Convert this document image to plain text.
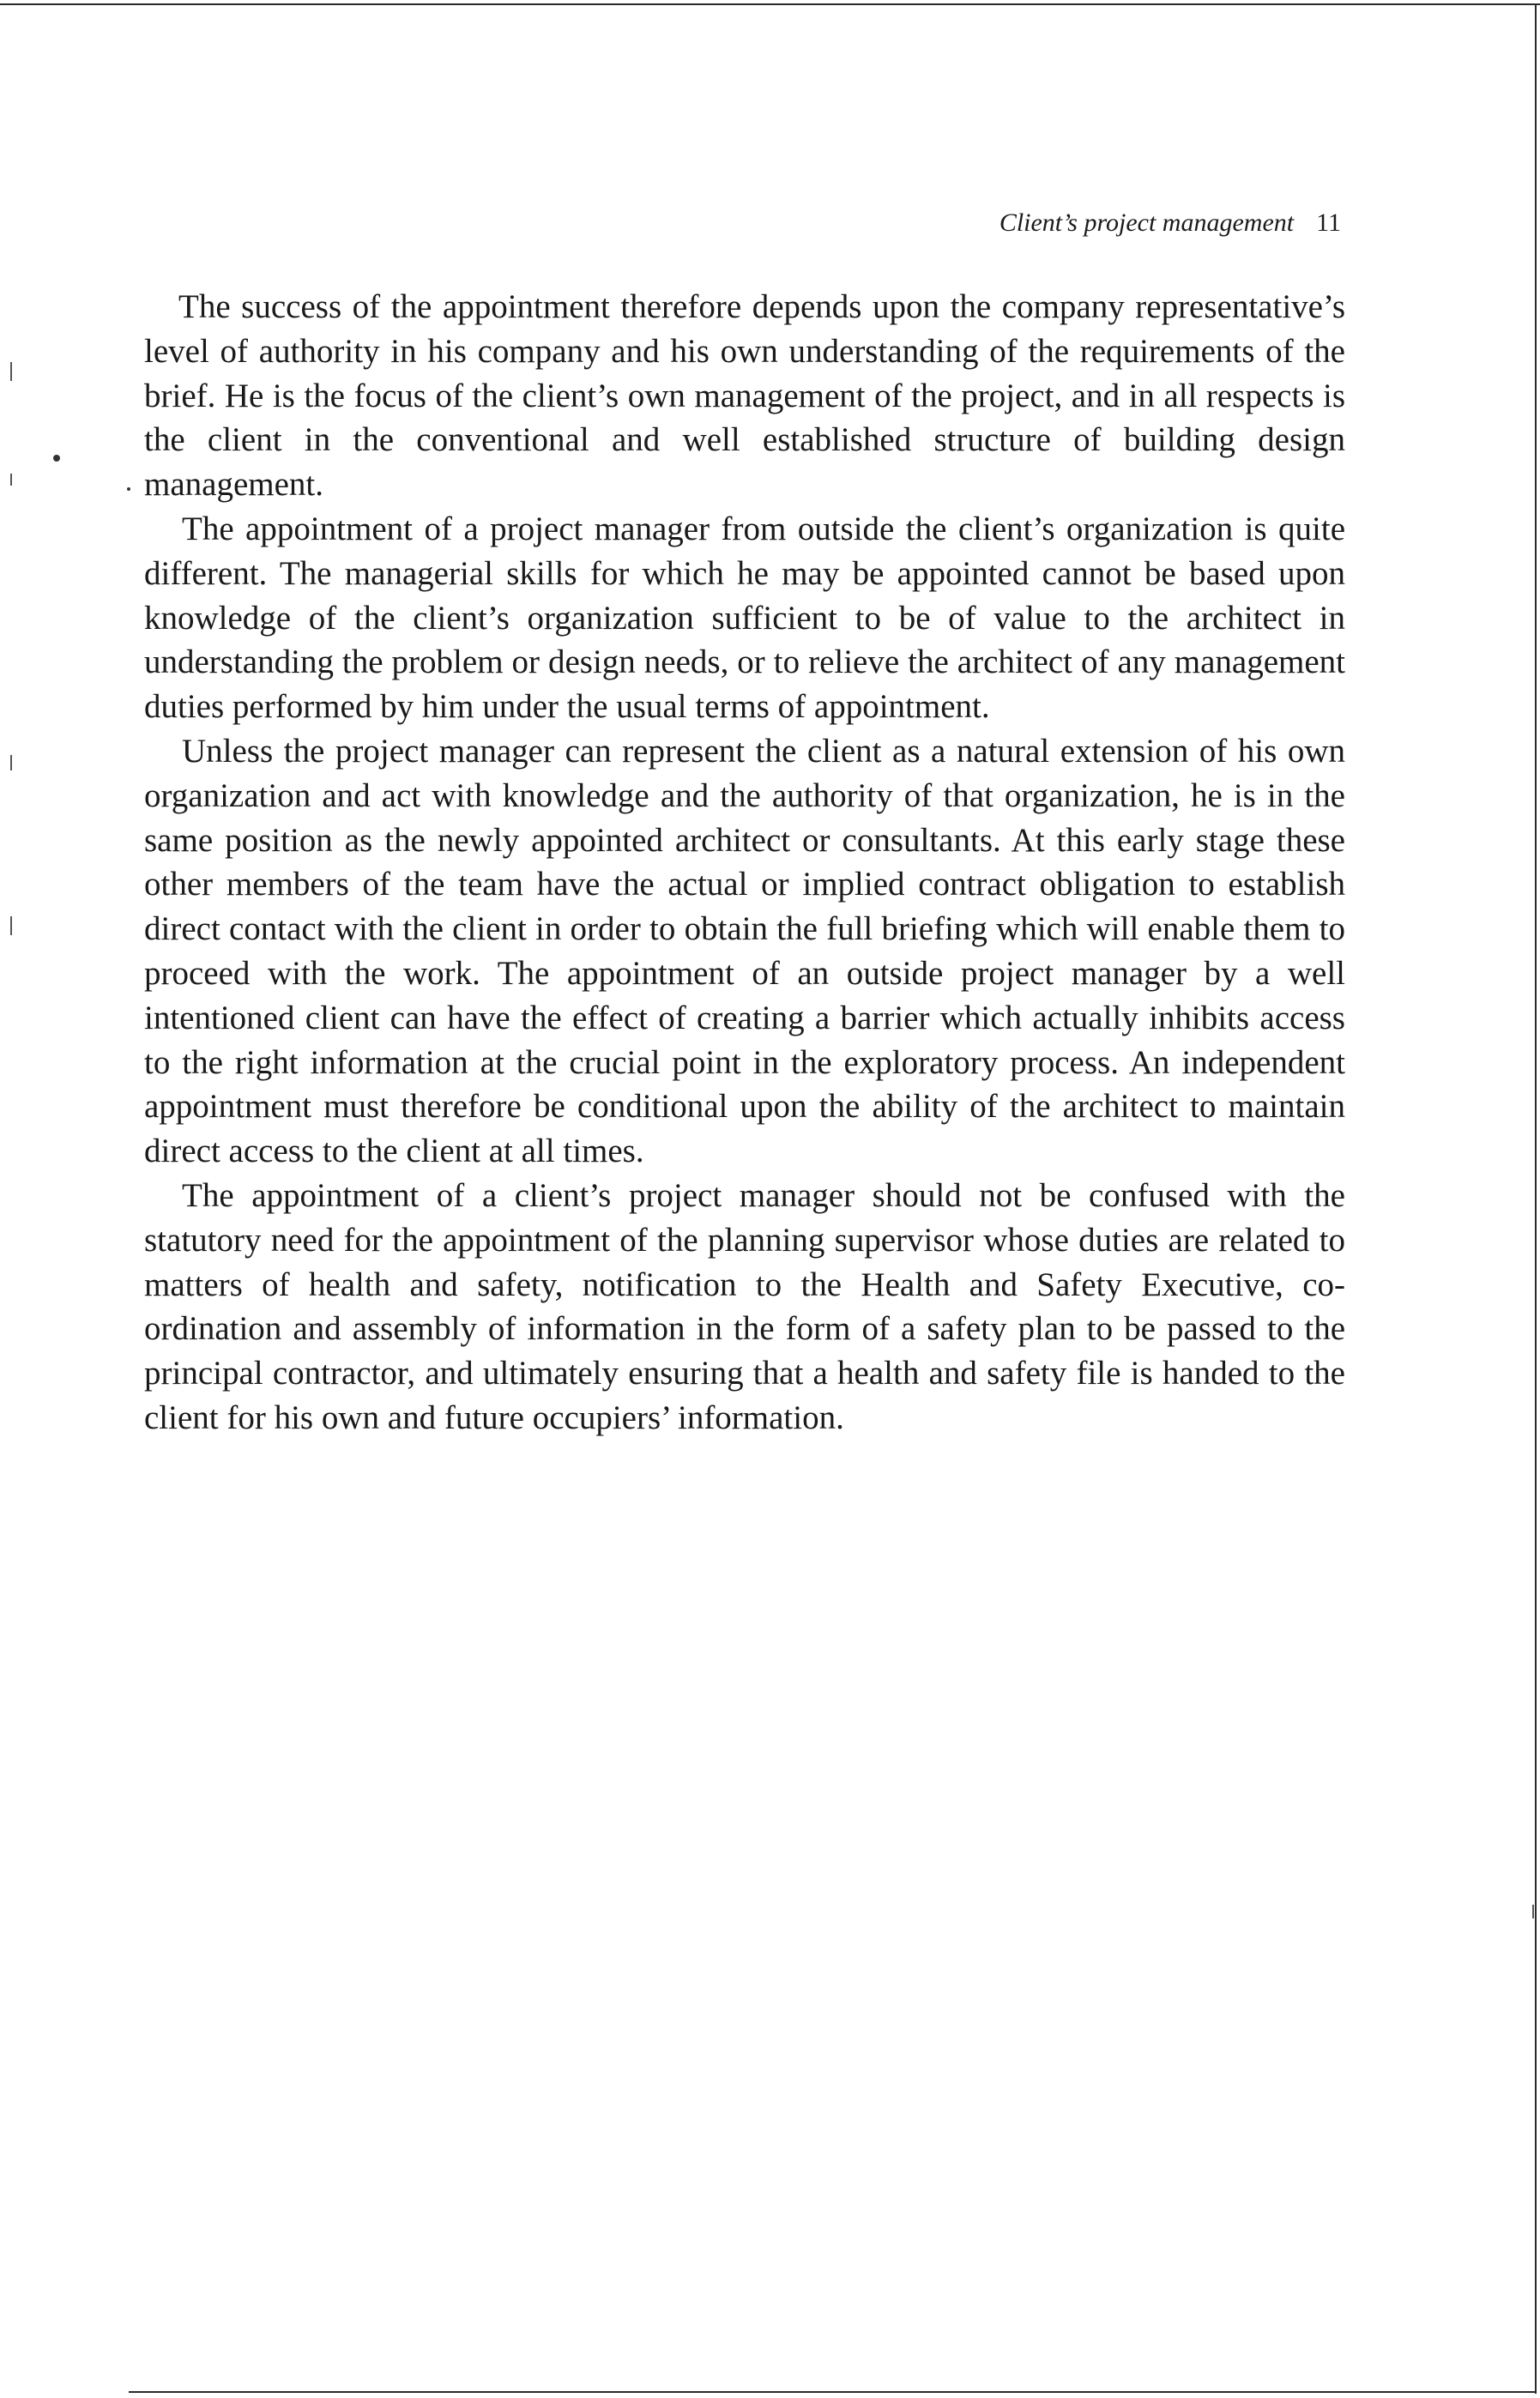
Client’s project management 11

The success of the appointment therefore depends upon the company representative’s level of authority in his company and his own understanding of the requirements of the brief. He is the focus of the client’s own management of the project, and in all respects is the client in the conventional and well established structure of building design management.

The appointment of a project manager from outside the client’s organization is quite different. The managerial skills for which he may be appointed cannot be based upon knowledge of the client’s organization sufficient to be of value to the architect in understanding the problem or design needs, or to relieve the architect of any management duties performed by him under the usual terms of appointment.

Unless the project manager can represent the client as a natural extension of his own organization and act with knowledge and the authority of that organization, he is in the same position as the newly appointed architect or consultants. At this early stage these other members of the team have the actual or implied contract obligation to establish direct contact with the client in order to obtain the full briefing which will enable them to proceed with the work. The appointment of an outside project manager by a well intentioned client can have the effect of creating a barrier which actually inhibits access to the right information at the crucial point in the exploratory process. An independent appointment must therefore be conditional upon the ability of the architect to maintain direct access to the client at all times.

The appointment of a client’s project manager should not be confused with the statutory need for the appointment of the planning supervisor whose duties are related to matters of health and safety, notification to the Health and Safety Executive, co-ordination and assembly of information in the form of a safety plan to be passed to the principal contractor, and ultimately ensuring that a health and safety file is handed to the client for his own and future occupiers’ information.
